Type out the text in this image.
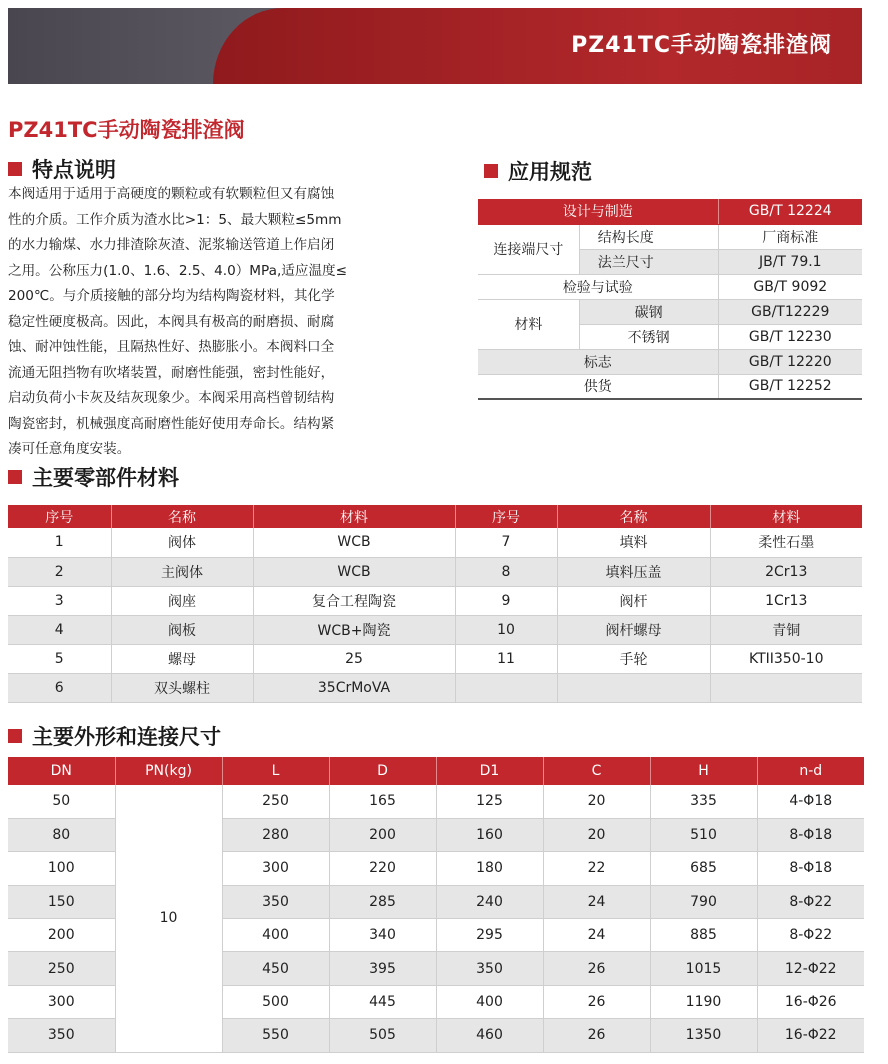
PZ41TC手动陶瓷排渣阀
PZ41TC手动陶瓷排渣阀
特点说明
本阀适用于适用于高硬度的颗粒或有软颗粒但又有腐蚀
性的介质。工作介质为渣水比>1：5、最大颗粒≤5mm
的水力输煤、水力排渣除灰渣、泥浆输送管道上作启闭
之用。公称压力(1.0、1.6、2.5、4.0）MPa,适应温度≤
200℃。与介质接触的部分均为结构陶瓷材料，其化学
稳定性硬度极高。因此，本阀具有极高的耐磨损、耐腐
蚀、耐冲蚀性能，且隔热性好、热膨胀小。本阀料口全
流通无阻挡物有吹堵装置，耐磨性能强，密封性能好，
启动负荷小卡灰及结灰现象少。本阀采用高档曾韧结构
陶瓷密封，机械强度高耐磨性能好使用寿命长。结构紧
凑可任意角度安装。
应用规范
设计与制造		GB/T 12224
连接端尺寸	结构长度	厂商标准
	法兰尺寸	JB/T 79.1
检验与试验		GB/T 9092
材料	碳钢	GB/T12229
	不锈钢	GB/T 12230
标志		GB/T 12220
供货		GB/T 12252
主要零部件材料
序号	名称	材料	序号	名称	材料
1	阀体	WCB	7	填料	柔性石墨
2	主阀体	WCB	8	填料压盖	2Cr13
3	阀座	复合工程陶瓷	9	阀杆	1Cr13
4	阀板	WCB+陶瓷	10	阀杆螺母	青铜
5	螺母	25	11	手轮	KTII350-10
6	双头螺柱	35CrMoVA			
主要外形和连接尺寸
DN	PN(kg)	L	D	D1	C	H	n-d
50	10	250	165	125	20	335	4-Φ18
80		280	200	160	20	510	8-Φ18
100		300	220	180	22	685	8-Φ18
150		350	285	240	24	790	8-Φ22
200		400	340	295	24	885	8-Φ22
250		450	395	350	26	1015	12-Φ22
300		500	445	400	26	1190	16-Φ26
350		550	505	460	26	1350	16-Φ22
